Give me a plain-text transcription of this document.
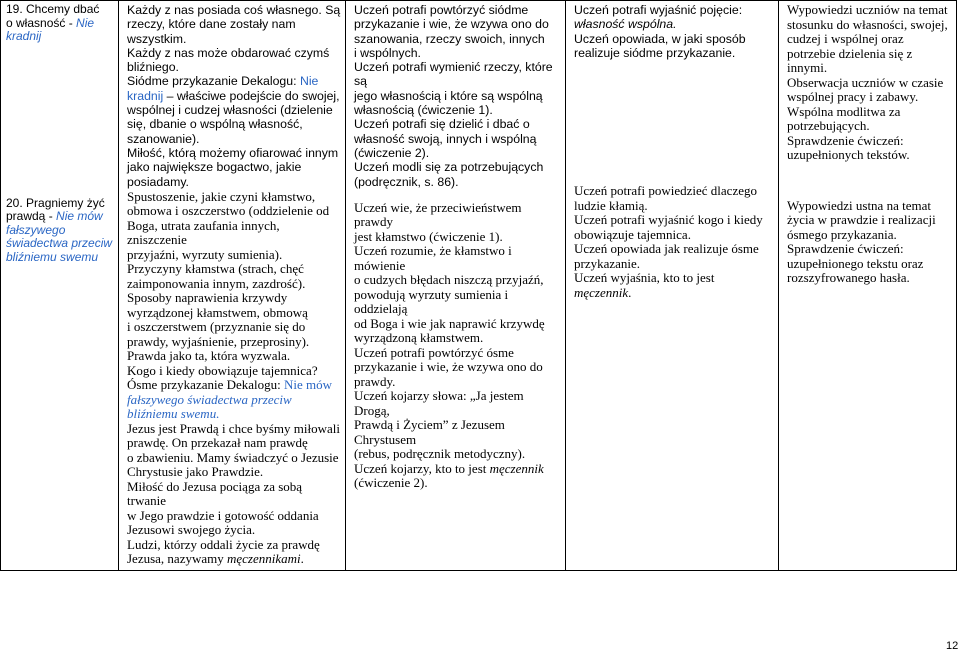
19. Chcemy dbać
o własność - Nie
kradnij
20. Pragniemy żyć
prawdą - Nie mów
fałszywego
świadectwa przeciw
bliźniemu swemu

Każdy z nas posiada coś własnego. Są
rzeczy, które dane zostały nam
wszystkim.
Każdy z nas może obdarować czymś
bliźniego.
Siódme przykazanie Dekalogu: Nie
kradnij – właściwe podejście do swojej,
wspólnej i cudzej własności (dzielenie
się, dbanie o wspólną własność,
szanowanie).
Miłość, którą możemy ofiarować innym
jako największe bogactwo, jakie
posiadamy.
Spustoszenie, jakie czyni kłamstwo,
obmowa i oszczerstwo (oddzielenie od
Boga, utrata zaufania innych, zniszczenie
przyjaźni, wyrzuty sumienia).
Przyczyny kłamstwa (strach, chęć
zaimponowania innym, zazdrość).
Sposoby naprawienia krzywdy
wyrządzonej kłamstwem, obmową
i oszczerstwem (przyznanie się do
prawdy, wyjaśnienie, przeprosiny).
Prawda jako ta, która wyzwala.
Kogo i kiedy obowiązuje tajemnica?
Ósme przykazanie Dekalogu: Nie mów
fałszywego świadectwa przeciw
bliźniemu swemu.
Jezus jest Prawdą i chce byśmy miłowali
prawdę. On przekazał nam prawdę
o zbawieniu. Mamy świadczyć o Jezusie
Chrystusie jako Prawdzie.
Miłość do Jezusa pociąga za sobą trwanie
w Jego prawdzie i gotowość oddania
Jezusowi swojego życia.
Ludzi, którzy oddali życie za prawdę
Jezusa, nazywamy męczennikami.

Uczeń potrafi powtórzyć siódme
przykazanie i wie, że wzywa ono do
szanowania, rzeczy swoich, innych
i wspólnych.
Uczeń potrafi wymienić rzeczy, które są
jego własnością i które są wspólną
własnością (ćwiczenie 1).
Uczeń potrafi się dzielić i dbać o
własność swoją, innych i wspólną
(ćwiczenie 2).
Uczeń modli się za potrzebujących
(podręcznik, s. 86).
Uczeń wie, że przeciwieństwem prawdy
jest kłamstwo (ćwiczenie 1).
Uczeń rozumie, że kłamstwo i mówienie
o cudzych błędach niszczą przyjaźń,
powodują wyrzuty sumienia i oddzielają
od Boga i wie jak naprawić krzywdę
wyrządzoną kłamstwem.
Uczeń potrafi powtórzyć ósme
przykazanie i wie, że wzywa ono do
prawdy.
Uczeń kojarzy słowa: „Ja jestem Drogą,
Prawdą i Życiem” z Jezusem Chrystusem
(rebus, podręcznik metodyczny).
Uczeń kojarzy, kto to jest męczennik
(ćwiczenie 2).

Uczeń potrafi wyjaśnić pojęcie:
własność wspólna.
Uczeń opowiada, w jaki sposób
realizuje siódme przykazanie.
Uczeń potrafi powiedzieć dlaczego
ludzie kłamią.
Uczeń potrafi wyjaśnić kogo i kiedy
obowiązuje tajemnica.
Uczeń opowiada jak realizuje ósme
przykazanie.
Uczeń wyjaśnia, kto to jest męczennik.

Wypowiedzi uczniów na temat
stosunku do własności, swojej,
cudzej i wspólnej oraz
potrzebie dzielenia się z
innymi.
Obserwacja uczniów w czasie
wspólnej pracy i zabawy.
Wspólna modlitwa za
potrzebujących.
Sprawdzenie ćwiczeń:
uzupełnionych tekstów.
Wypowiedzi ustna na temat
życia w prawdzie i realizacji
ósmego przykazania.
Sprawdzenie ćwiczeń:
uzupełnionego tekstu oraz
rozszyfrowanego hasła.
12
